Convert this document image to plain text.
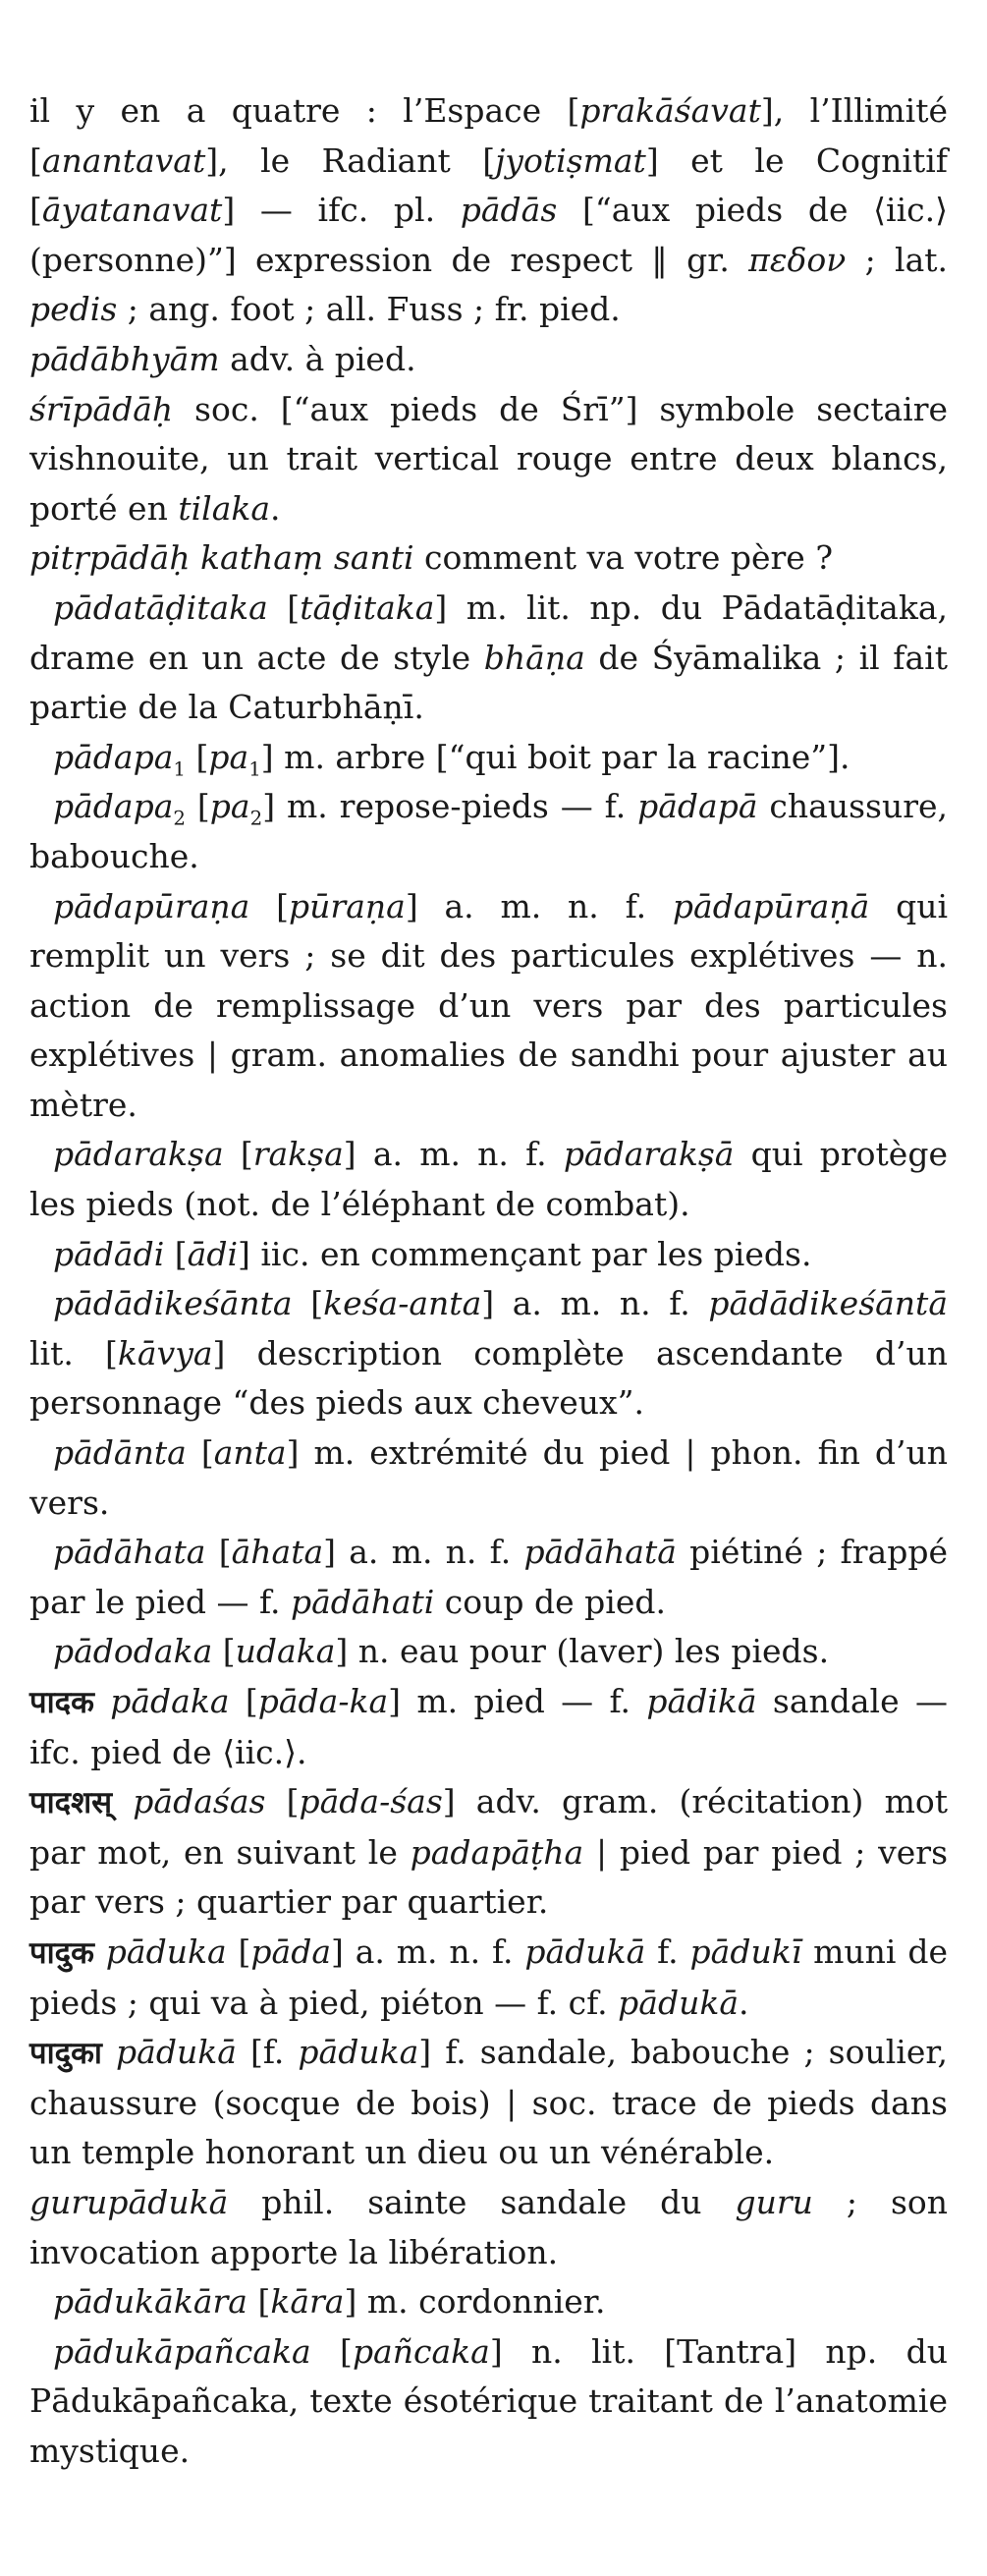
il y en a quatre : l’Espace [prakāśavat], l’Illimité [anantavat], le Radiant [jyotiṣmat] et le Cognitif [āyatanavat] — ifc. pl. pādās [“aux pieds de ⟨iic.⟩ (personne)”] expression de respect ‖ gr. πεδον ; lat. pedis ; ang. foot ; all. Fuss ; fr. pied.

pādābhyām adv. à pied.

śrīpādāḥ soc. [“aux pieds de Śrī”] symbole sectaire vishnouite, un trait vertical rouge entre deux blancs, porté en tilaka.

pitṛpādāḥ kathaṃ santi comment va votre père ?

pādatāḍitaka [tāḍitaka] m. lit. np. du Pādatāḍitaka, drame en un acte de style bhāṇa de Śyāmalika ; il fait partie de la Caturbhāṇī.

pādapa$_1$ $[pa_1]$ m. arbre [“qui boit par la racine”].

pādapa$_2$ $[pa_2]$ m. repose-pieds — f. pādapā chaussure, babouche.

pādapūraṇa [pūraṇa] a. m. n. f. pādapūraṇā qui remplit un vers ; se dit des particules explétives — n. action de remplissage d’un vers par des particules explétives | gram. anomalies de sandhi pour ajuster au mètre.

pādarakṣa [rakṣa] a. m. n. f. pādarakṣā qui protège les pieds (not. de l’éléphant de combat).

pādādi [ādi] iic. en commençant par les pieds.

pādādikeśānta [keśa-anta] a. m. n. f. pādādikeśāntā lit. [kāvya] description complète ascendante d’un personnage “des pieds aux cheveux”.

pādānta [anta] m. extrémité du pied | phon. fin d’un vers.

pādāhata [āhata] a. m. n. f. pādāhatā piétiné ; frappé par le pied — f. pādāhati coup de pied.

pādodaka [udaka] n. eau pour (laver) les pieds.

पादक pādaka [pāda-ka] m. pied — f. pādikā sandale — ifc. pied de ⟨iic.⟩.

पादशस् pādaśas [pāda-śas] adv. gram. (récitation) mot par mot, en suivant le padapāṭha | pied par pied ; vers par vers ; quartier par quartier.

पादुक pāduka [pāda] a. m. n. f. pādukā f. pādukī muni de pieds ; qui va à pied, piéton — f. cf. pādukā.

पादुका pādukā [f. pāduka] f. sandale, babouche ; soulier, chaussure (socque de bois) | soc. trace de pieds dans un temple honorant un dieu ou un vénérable.

gurupādukā phil. sainte sandale du guru ; son invocation apporte la libération.

pādukākāra [kāra] m. cordonnier.

pādukāpañcaka [pañcaka] n. lit. [Tantra] np. du Pādukāpañcaka, texte ésotérique traitant de l’anatomie mystique.
